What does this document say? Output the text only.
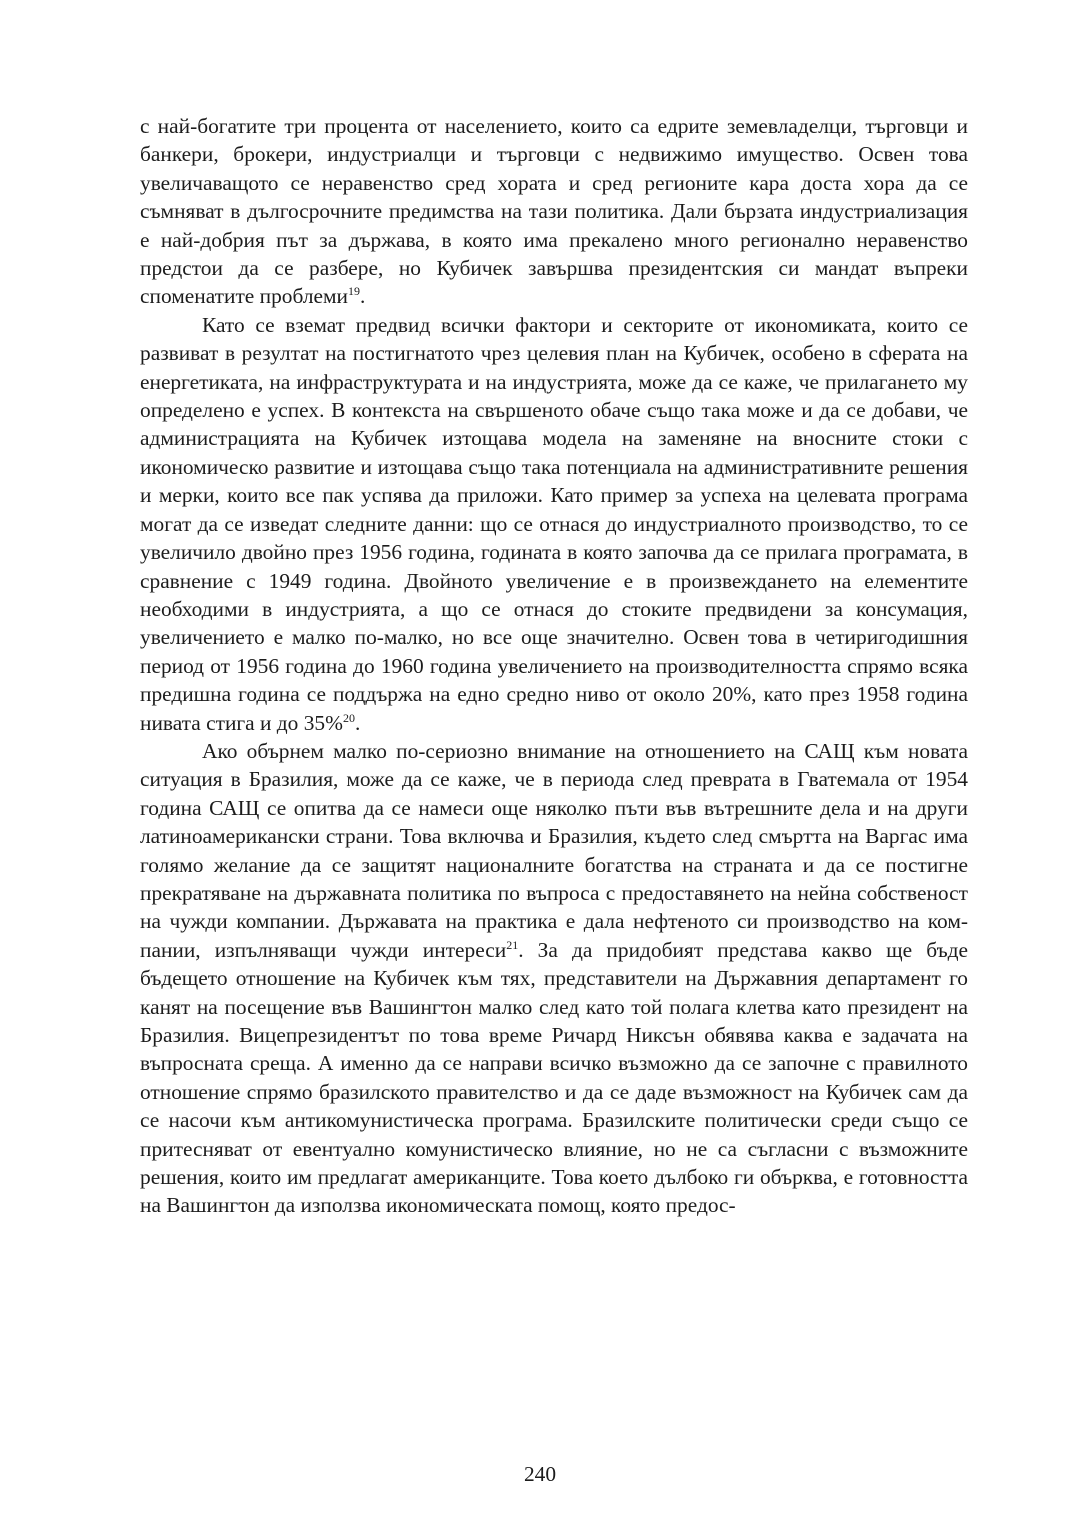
с най-богатите три процента от населението, които са едрите земевладелци, търговци и банкери, брокери, индустриалци и търговци с недвижимо имущество. Освен това увеличаващото се неравенство сред хората и сред регионите кара доста хора да се съмняват в дългосрочните предимства на тази политика. Дали бързата индустриализация е най-добрия път за държава, в която има прекалено много регионално неравенство предстои да се разбере, но Кубичек завършва президентския си мандат въпреки споменатите проблеми$^{19}$.

Като се вземат предвид всички фактори и секторите от икономиката, които се развиват в резултат на постигнатото чрез целевия план на Кубичек, особено в сферата на енергетиката, на инфраструктурата и на индустрията, може да се каже, че прилагането му определено е успех. В контекста на свършеното обаче също така може и да се добави, че администрацията на Кубичек изтощава модела на заменяне на вносните стоки с икономическо развитие и изтощава също така потенциала на административните решения и мерки, които все пак успява да приложи. Като пример за успеха на целевата програма могат да се изведат следните данни: що се отнася до индустриалното производство, то се увеличило двойно през 1956 година, годината в която започва да се прилага програмата, в сравнение с 1949 година. Двойното увеличение е в произвеждането на елементите необходими в индустрията, а що се отнася до стоките предвидени за консумация, увеличението е малко по-малко, но все още значително. Освен това в четиригодишния период от 1956 година до 1960 година увеличението на производителността спрямо всяка предишна година се поддържа на едно средно ниво от около 20%, като през 1958 година нивата стига и до 35%$^{20}$.

Ако обърнем малко по-сериозно внимание на отношението на САЩ към новата ситуация в Бразилия, може да се каже, че в периода след преврата в Гватемала от 1954 година САЩ се опитва да се намеси още няколко пъти във вътрешните дела и на други латиноамерикански страни. Това включва и Бразилия, където след смъртта на Варгас има голямо желание да се защитят националните богатства на страната и да се постигне прекратяване на държавната политика по въпроса с предоставянето на нейна собственост на чужди компании. Държавата на практика е дала нефтеното си производство на компании, изпълняващи чужди интереси$^{21}$. За да придобият представа какво ще бъде бъдещето отношение на Кубичек към тях, представители на Държавния департамент го канят на посещение във Вашингтон малко след като той полага клетва като президент на Бразилия. Вицепрезидентът по това време Ричард Никсън обявява каква е задачата на въпросната среща. А именно да се направи всичко възможно да се започне с правилното отношение спрямо бразилското правителство и да се даде възможност на Кубичек сам да се насочи към антикомунистическа програма. Бразилските политически среди също се притесняват от евентуално комунистическо влияние, но не са съгласни с възможните решения, които им предлагат американците. Това което дълбоко ги обърква, е готовността на Вашингтон да използва икономическата помощ, която предос-

240
